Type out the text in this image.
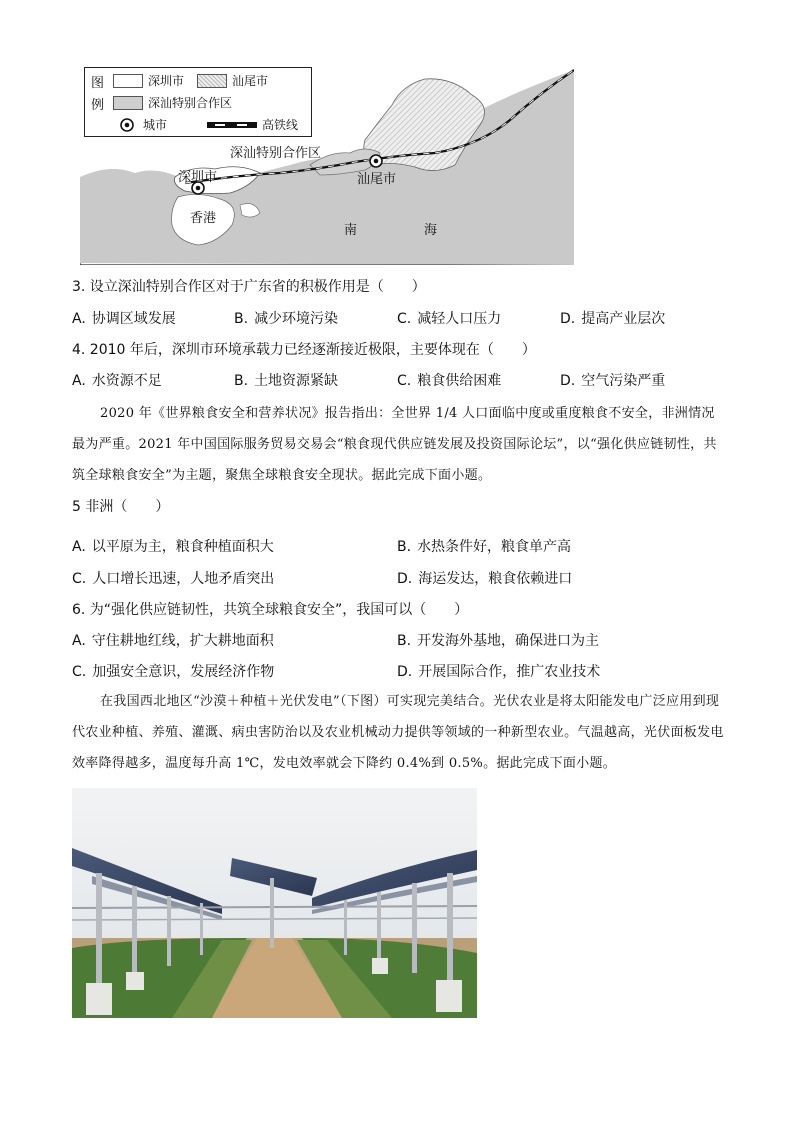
深汕特别合作区
深圳市	汕尾市
香港
南	海
图
例
深圳市	汕尾市
深汕特别合作区
城市	高铁线
3. 设立深汕特别合作区对于广东省的积极作用是（　　）
A. 协调区域发展	B. 减少环境污染	C. 减轻人口压力	D. 提高产业层次
4. 2010 年后，深圳市环境承载力已经逐渐接近极限，主要体现在（　　）
A. 水资源不足	B. 土地资源紧缺	C. 粮食供给困难	D. 空气污染严重
2020 年《世界粮食安全和营养状况》报告指出：全世界 1/4 人口面临中度或重度粮食不安全，非洲情况最为严重。2021 年中国国际服务贸易交易会“粮食现代供应链发展及投资国际论坛”，以“强化供应链韧性，共筑全球粮食安全”为主题，聚焦全球粮食安全现状。据此完成下面小题。
5 非洲（　　）
A. 以平原为主，粮食种植面积大	B. 水热条件好，粮食单产高
C. 人口增长迅速，人地矛盾突出	D. 海运发达，粮食依赖进口
6. 为“强化供应链韧性，共筑全球粮食安全”，我国可以（　　）
A. 守住耕地红线，扩大耕地面积	B. 开发海外基地，确保进口为主
C. 加强安全意识，发展经济作物	D. 开展国际合作，推广农业技术
在我国西北地区“沙漠＋种植＋光伏发电”（下图）可实现完美结合。光伏农业是将太阳能发电广泛应用到现代农业种植、养殖、灌溉、病虫害防治以及农业机械动力提供等领域的一种新型农业。气温越高，光伏面板发电效率降得越多，温度每升高 1℃，发电效率就会下降约 0.4%到 0.5%。据此完成下面小题。
